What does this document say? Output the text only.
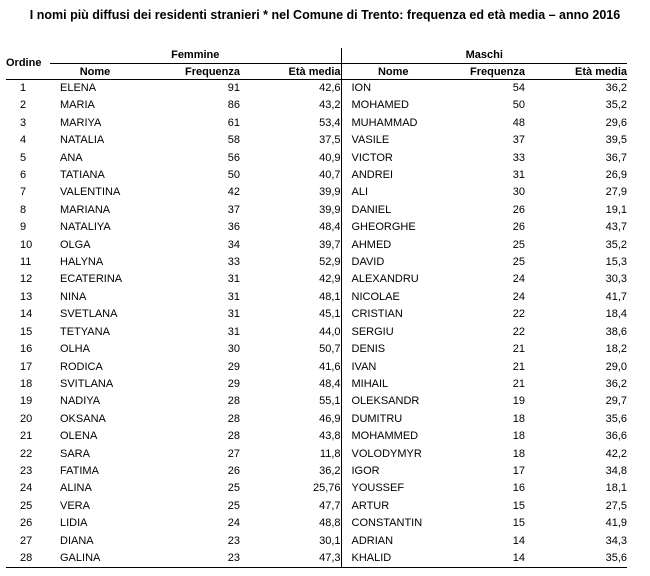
I nomi più diffusi dei residenti stranieri * nel Comune di Trento: frequenza ed età media – anno 2016
Ordine	Femmine			Maschi		
	Nome	Frequenza	Età media	Nome	Frequenza	Età media
1	ELENA	91	42,6	ION	54	36,2
2	MARIA	86	43,2	MOHAMED	50	35,2
3	MARIYA	61	53,4	MUHAMMAD	48	29,6
4	NATALIA	58	37,5	VASILE	37	39,5
5	ANA	56	40,9	VICTOR	33	36,7
6	TATIANA	50	40,7	ANDREI	31	26,9
7	VALENTINA	42	39,9	ALI	30	27,9
8	MARIANA	37	39,9	DANIEL	26	19,1
9	NATALIYA	36	48,4	GHEORGHE	26	43,7
10	OLGA	34	39,7	AHMED	25	35,2
11	HALYNA	33	52,9	DAVID	25	15,3
12	ECATERINA	31	42,9	ALEXANDRU	24	30,3
13	NINA	31	48,1	NICOLAE	24	41,7
14	SVETLANA	31	45,1	CRISTIAN	22	18,4
15	TETYANA	31	44,0	SERGIU	22	38,6
16	OLHA	30	50,7	DENIS	21	18,2
17	RODICA	29	41,6	IVAN	21	29,0
18	SVITLANA	29	48,4	MIHAIL	21	36,2
19	NADIYA	28	55,1	OLEKSANDR	19	29,7
20	OKSANA	28	46,9	DUMITRU	18	35,6
21	OLENA	28	43,8	MOHAMMED	18	36,6
22	SARA	27	11,8	VOLODYMYR	18	42,2
23	FATIMA	26	36,2	IGOR	17	34,8
24	ALINA	25	25,76	YOUSSEF	16	18,1
25	VERA	25	47,7	ARTUR	15	27,5
26	LIDIA	24	48,8	CONSTANTIN	15	41,9
27	DIANA	23	30,1	ADRIAN	14	34,3
28	GALINA	23	47,3	KHALID	14	35,6
